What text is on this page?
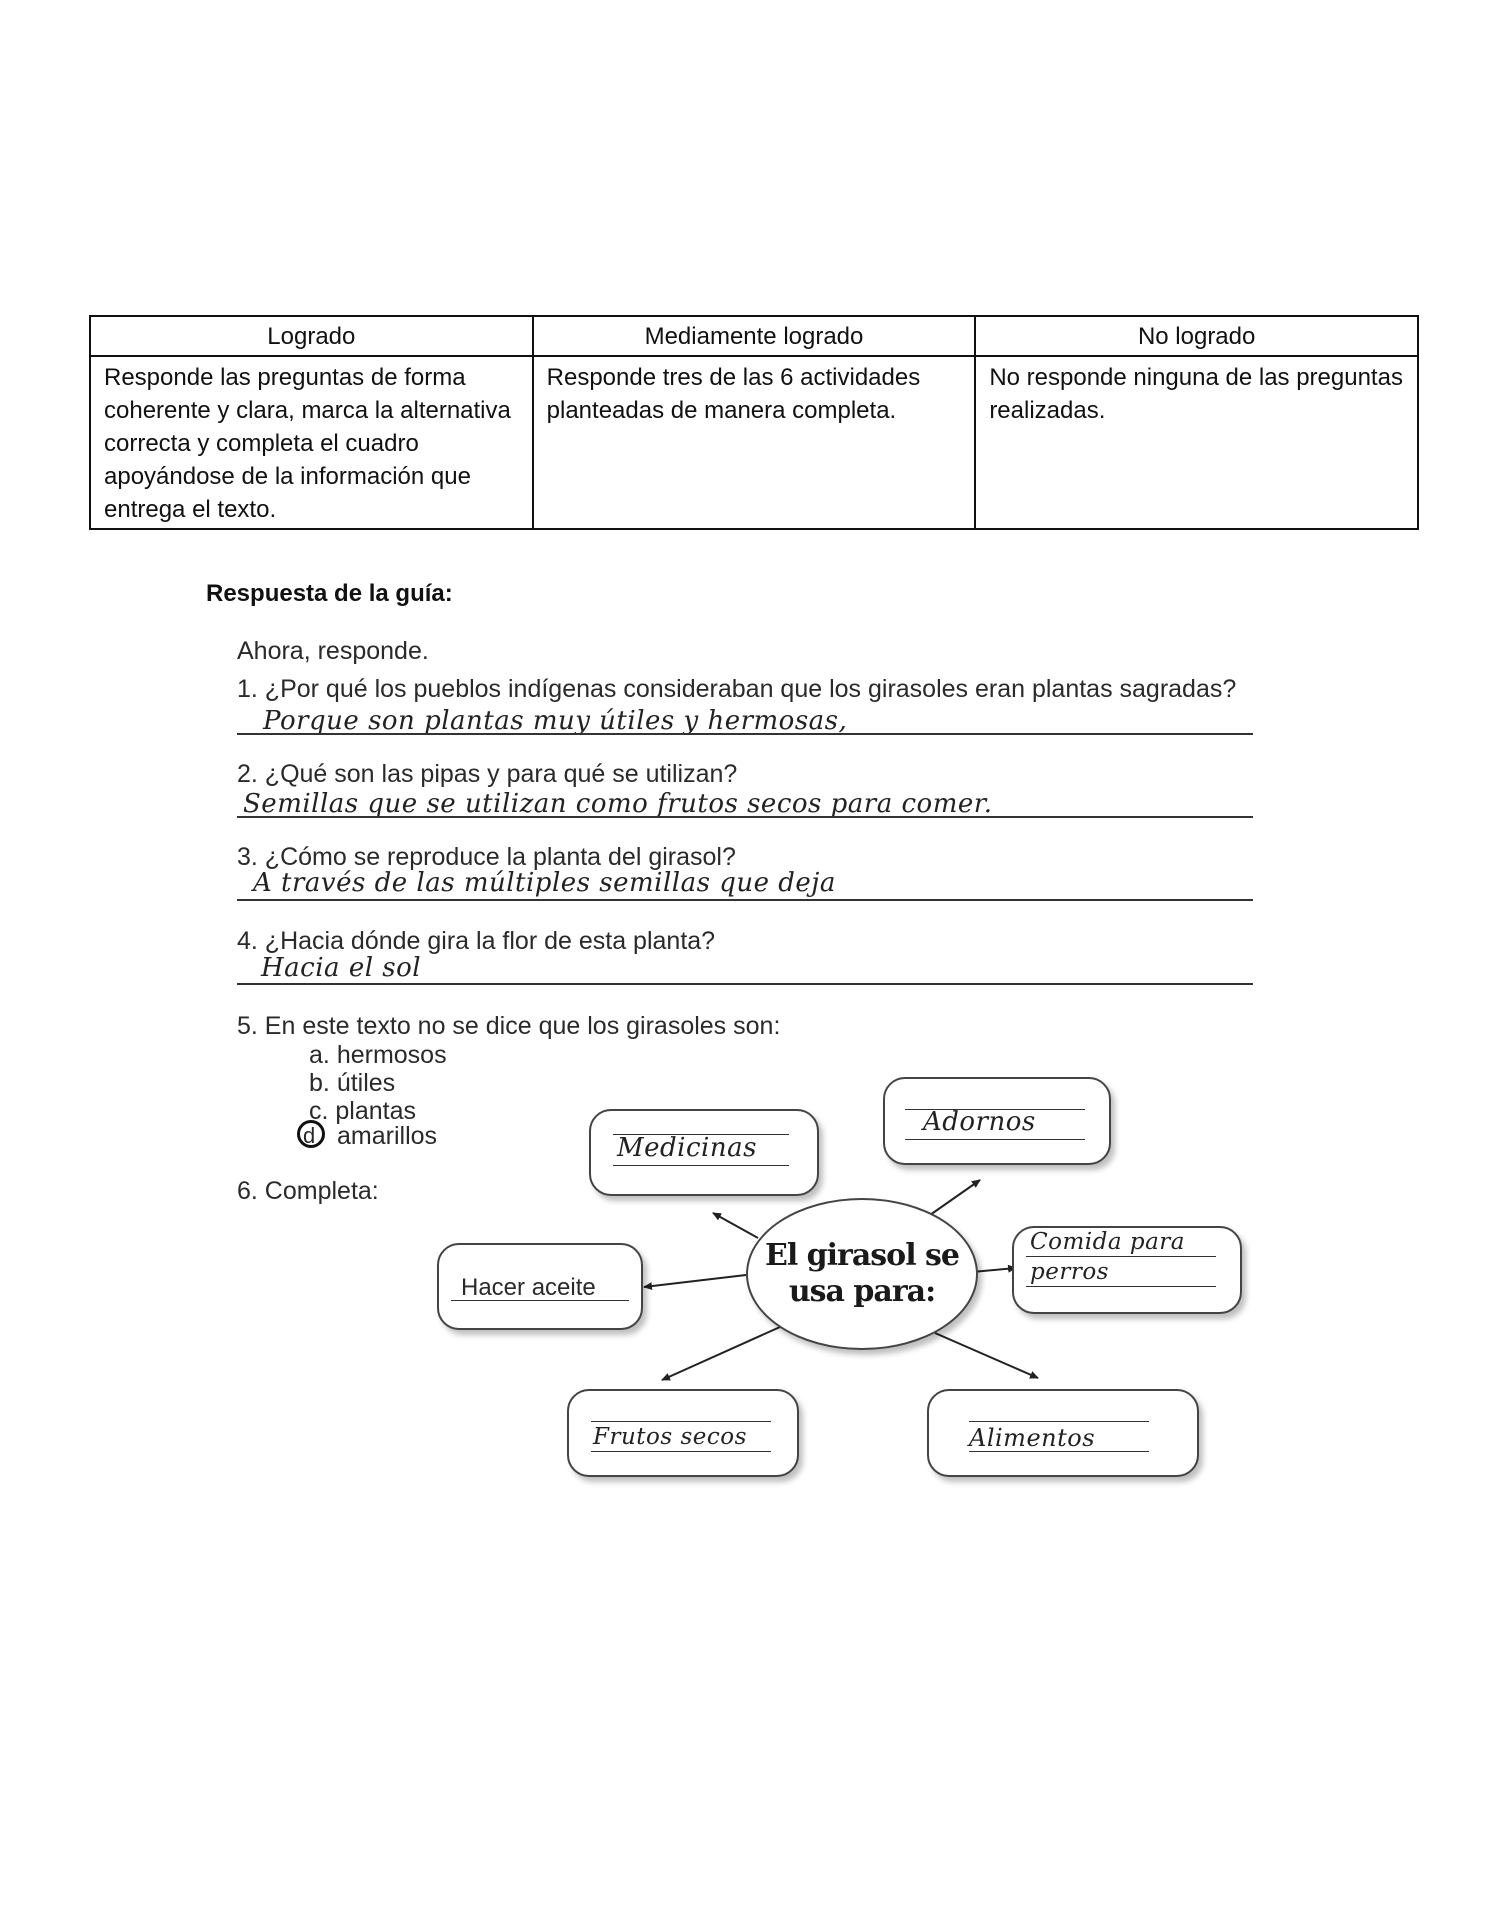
Logrado	Mediamente logrado	No logrado
Responde las preguntas de forma coherente y clara, marca la alternativa correcta y completa el cuadro apoyándose de la información que entrega el texto.	Responde tres de las 6 actividades planteadas de manera completa.	No responde ninguna de las preguntas realizadas.
Respuesta de la guía:
Ahora, responde.
1. ¿Por qué los pueblos indígenas consideraban que los girasoles eran plantas sagradas?
Porque son plantas muy útiles y hermosas,
2. ¿Qué son las pipas y para qué se utilizan?
Semillas que se utilizan como frutos secos para comer.
3. ¿Cómo se reproduce la planta del girasol?
A través de las múltiples semillas que deja
4. ¿Hacia dónde gira la flor de esta planta?
Hacia el sol
5. En este texto no se dice que los girasoles son:
a. hermosos
b. útiles
c. plantas
d amarillos
6. Completa:
Medicinas
Adornos
Comida para
perros
Hacer aceite
Frutos secos	Alimentos
El girasol se
usa para:
